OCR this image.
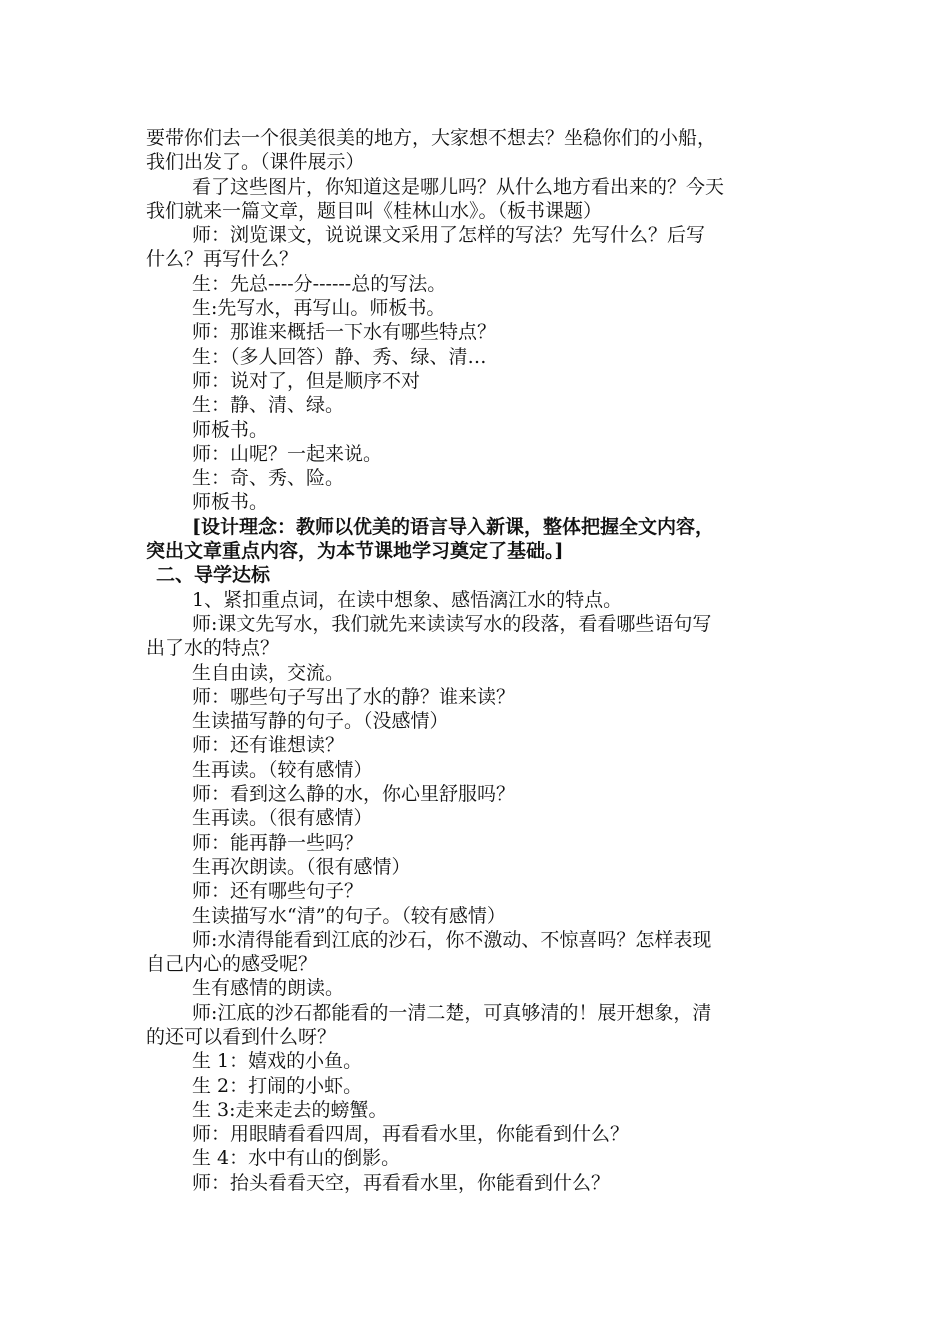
要带你们去一个很美很美的地方，大家想不想去？坐稳你们的小船，
我们出发了。（课件展示）
看了这些图片，你知道这是哪儿吗？从什么地方看出来的？今天
我们就来一篇文章，题目叫《桂林山水》。（板书课题）
师：浏览课文，说说课文采用了怎样的写法？先写什么？后写
什么？再写什么？
生：先总----分------总的写法。
生:先写水，再写山。师板书。
师：那谁来概括一下水有哪些特点？
生：（多人回答）静、秀、绿、清…
师：说对了，但是顺序不对
生：静、清、绿。
师板书。
师：山呢？一起来说。
生：奇、秀、险。
师板书。
[设计理念：教师以优美的语言导入新课，整体把握全文内容，
突出文章重点内容，为本节课地学习奠定了基础。]
二、导学达标
1、紧扣重点词，在读中想象、感悟漓江水的特点。
师:课文先写水，我们就先来读读写水的段落，看看哪些语句写
出了水的特点？
生自由读，交流。
师：哪些句子写出了水的静？谁来读？
生读描写静的句子。（没感情）
师：还有谁想读？
生再读。（较有感情）
师：看到这么静的水，你心里舒服吗？
生再读。（很有感情）
师：能再静一些吗？
生再次朗读。（很有感情）
师：还有哪些句子？
生读描写水“清”的句子。（较有感情）
师:水清得能看到江底的沙石，你不激动、不惊喜吗？怎样表现
自己内心的感受呢？
生有感情的朗读。
师:江底的沙石都能看的一清二楚，可真够清的！展开想象，清
的还可以看到什么呀？
生 1：嬉戏的小鱼。
生 2：打闹的小虾。
生 3:走来走去的螃蟹。
师：用眼睛看看四周，再看看水里，你能看到什么？
生 4：水中有山的倒影。
师：抬头看看天空，再看看水里，你能看到什么？
